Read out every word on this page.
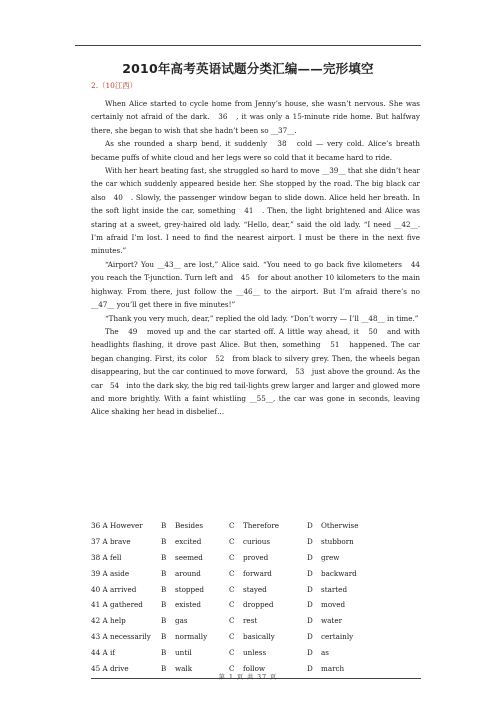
2010年高考英语试题分类汇编——完形填空
2.（10江西）

When Alice started to cycle home from Jenny’s house, she wasn’t nervous. She was certainly not afraid of the dark.　36　, it was only a 15-minute ride home. But halfway there, she began to wish that she hadn’t been so __37__.

As she rounded a sharp bend, it suddenly　38　cold — very cold. Alice’s breath became puffs of white cloud and her legs were so cold that it became hard to ride.

With her heart beating fast, she struggled so hard to move __39__ that she didn’t hear the car which suddenly appeared beside her. She stopped by the road. The big black car also　40　. Slowly, the passenger window began to slide down. Alice held her breath. In the soft light inside the car, something　41　. Then, the light brightened and Alice was staring at a sweet, grey-haired old lady. “Hello, dear,” said the old lady. “I need __42__. I’m afraid I’m lost. I need to find the nearest airport. I must be there in the next five minutes.”

“Airport? You __43__ are lost,” Alice said. “You need to go back five kilometers　44　you reach the T-junction. Turn left and　45　for about another 10 kilometers to the main highway. From there, just follow the __46__ to the airport. But I’m afraid there’s no __47__ you’ll get there in five minutes!”

“Thank you very much, dear,” replied the old lady. “Don’t worry — I’ll __48__ in time.”

The　49　moved up and the car started off. A little way ahead, it　50　and with headlights flashing, it drove past Alice. But then, something　51　happened. The car began changing. First, its color　52　from black to silvery grey. Then, the wheels began disappearing, but the car continued to move forward,　53　just above the ground. As the car　54　into the dark sky, the big red tail-lights grew larger and larger and glowed more and more brightly. With a faint whistling __55__, the car was gone in seconds, leaving Alice shaking her head in disbelief…

36 A However	B Besides	C Therefore	D Otherwise
37 A brave	B excited	C curious	D stubborn
38 A fell	B seemed	C proved	D grew
39 A aside	B around	C forward	D backward
40 A arrived	B stopped	C stayed	D started
41 A gathered	B existed	C dropped	D moved
42 A help	B gas	C rest	D water
43 A necessarily	B normally	C basically	D certainly
44 A if	B until	C unless	D as
45 A drive	B walk	C follow	D march
第 1 页 共 37 页
